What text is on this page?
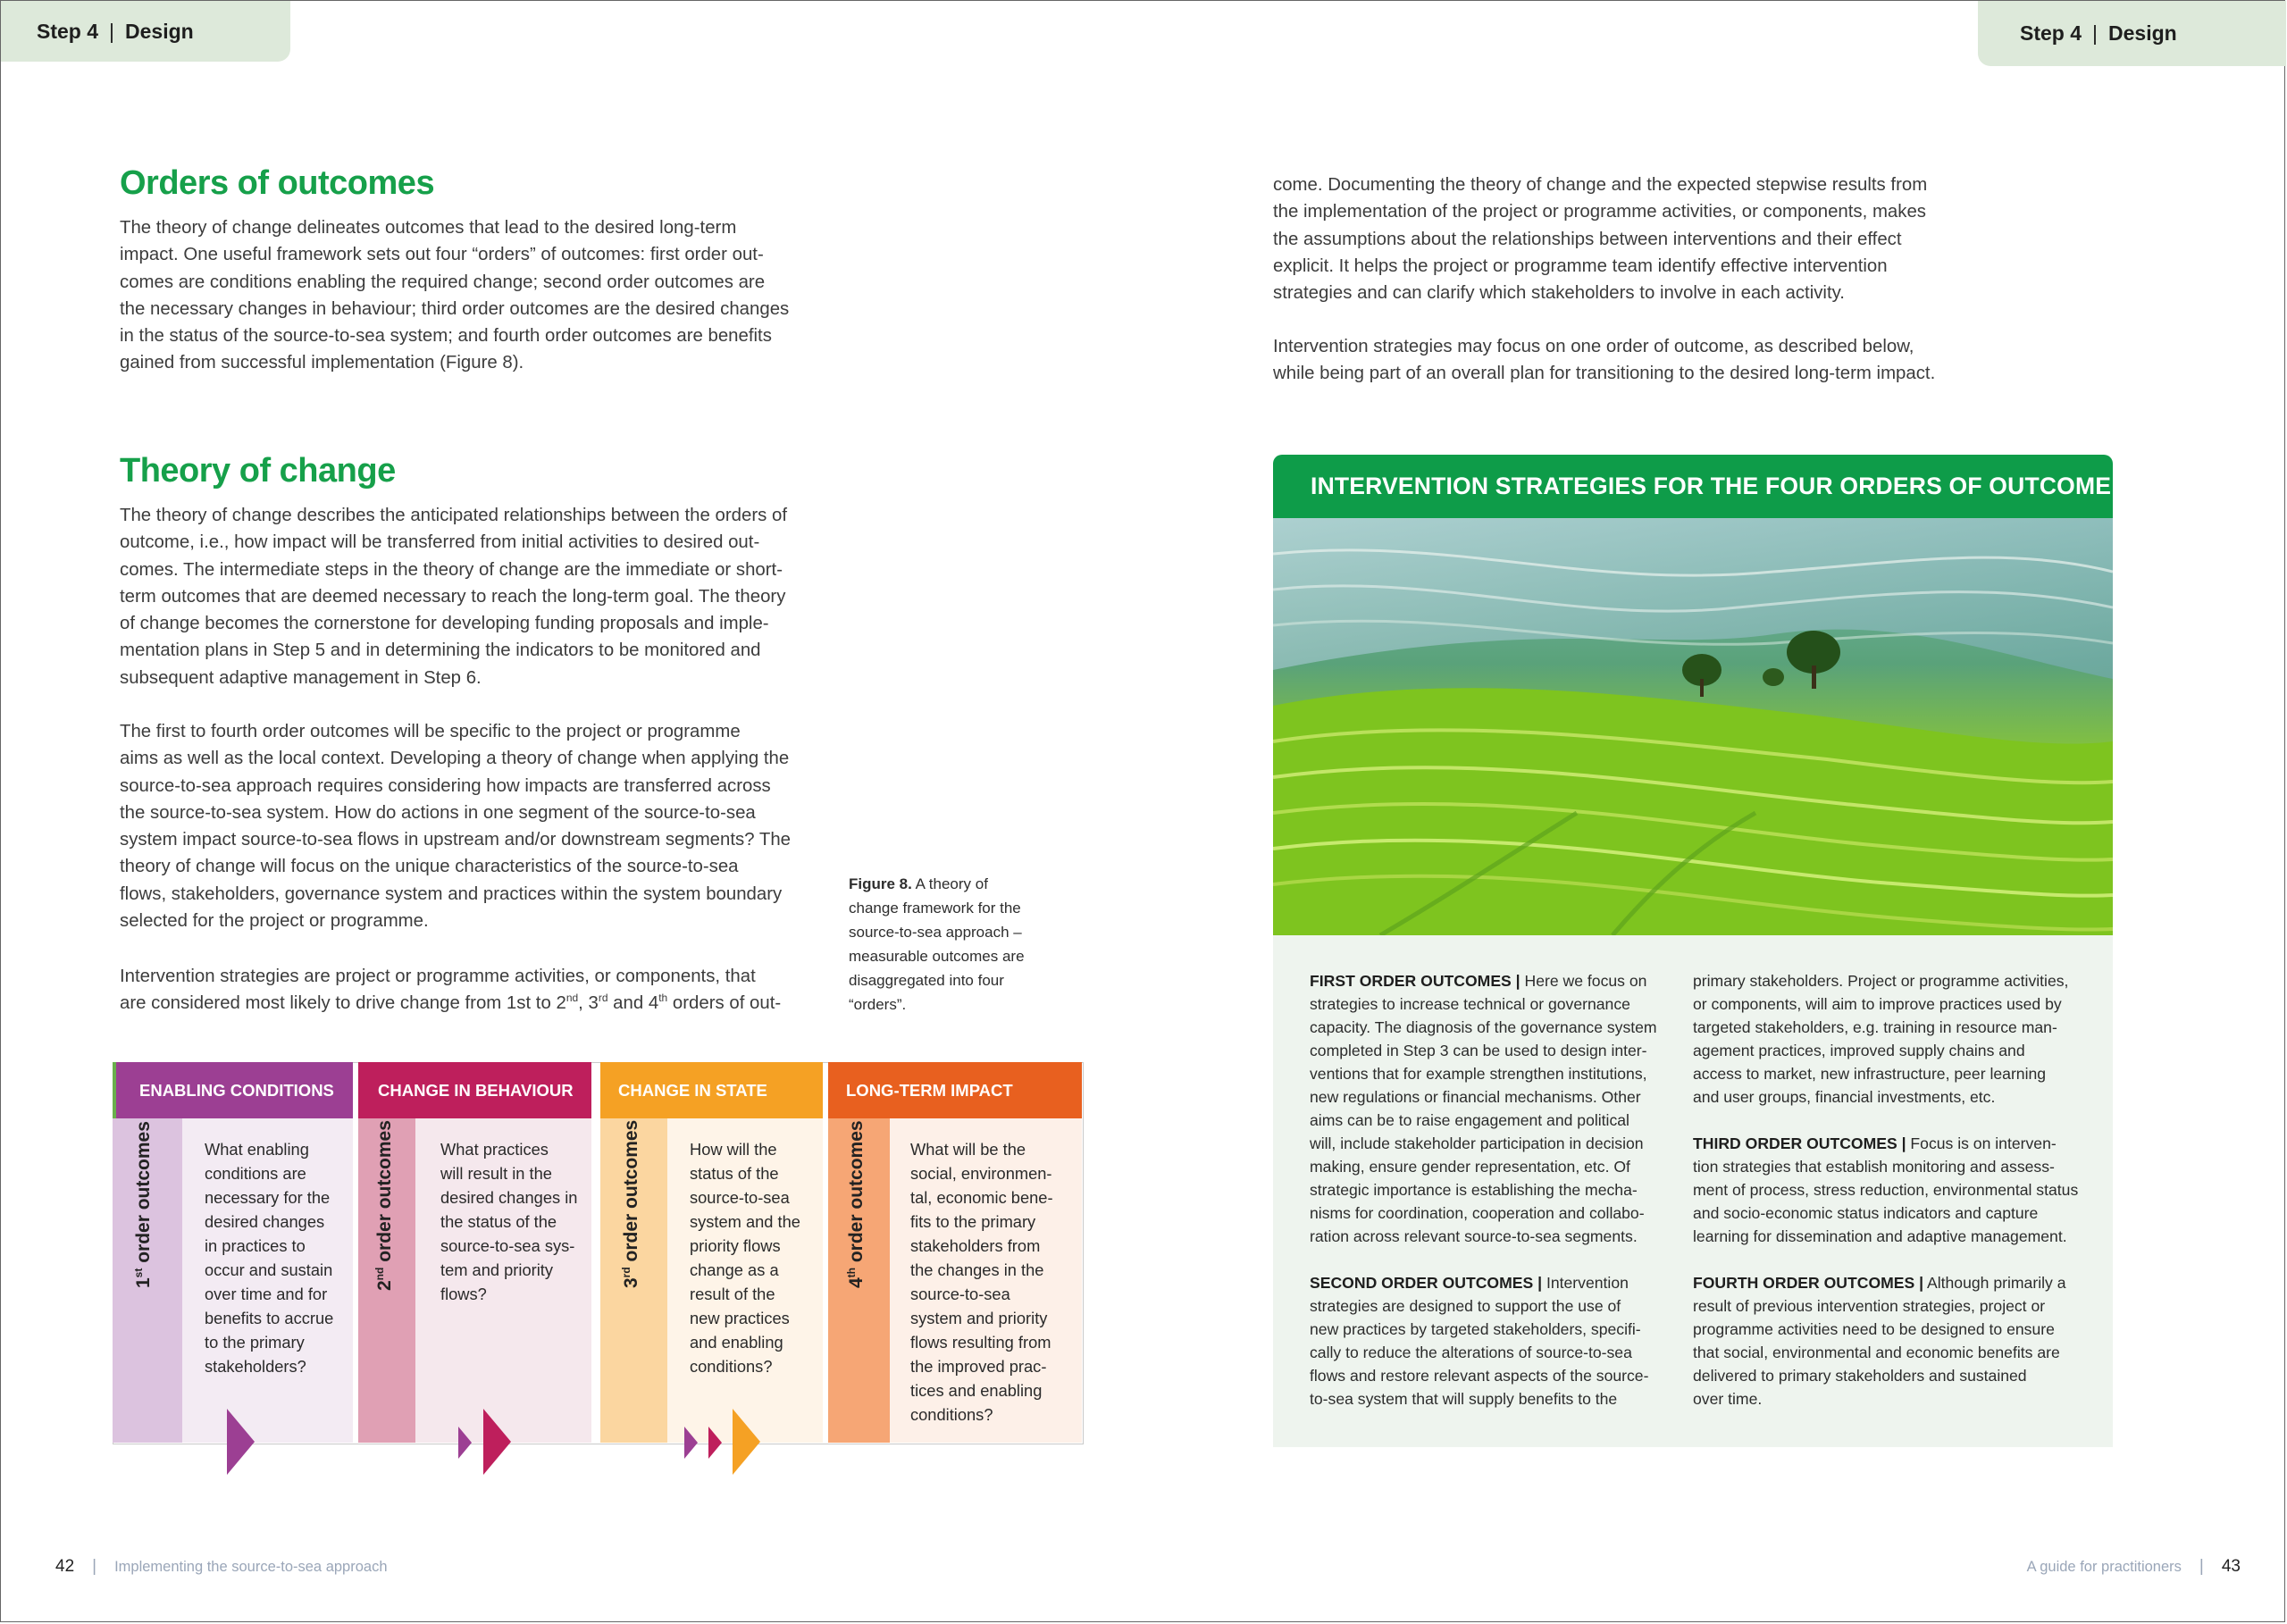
Step 4 | Design	Step 4 | Design
Orders of outcomes
The theory of change delineates outcomes that lead to the desired long-term
impact. One useful framework sets out four “orders” of outcomes: first order out-
comes are conditions enabling the required change; second order outcomes are
the necessary changes in behaviour; third order outcomes are the desired changes
in the status of the source-to-sea system; and fourth order outcomes are benefits
gained from successful implementation (Figure 8).
Theory of change
The theory of change describes the anticipated relationships between the orders of
outcome, i.e., how impact will be transferred from initial activities to desired out-
comes. The intermediate steps in the theory of change are the immediate or short-
term outcomes that are deemed necessary to reach the long-term goal. The theory
of change becomes the cornerstone for developing funding proposals and imple-
mentation plans in Step 5 and in determining the indicators to be monitored and
subsequent adaptive management in Step 6.
The first to fourth order outcomes will be specific to the project or programme
aims as well as the local context. Developing a theory of change when applying the
source-to-sea approach requires considering how impacts are transferred across
the source-to-sea system. How do actions in one segment of the source-to-sea
system impact source-to-sea flows in upstream and/or downstream segments? The
theory of change will focus on the unique characteristics of the source-to-sea
flows, stakeholders, governance system and practices within the system boundary
selected for the project or programme.
Intervention strategies are project or programme activities, or components, that
are considered most likely to drive change from 1st to 2nd, 3rd and 4th orders of out-
Figure 8. A theory of
change framework for the
source-to-sea approach –
measurable outcomes are
disaggregated into four
“orders”.
ENABLING CONDITIONS
1st order outcomes	What enabling
conditions are
necessary for the
desired changes
in practices to
occur and sustain
over time and for
benefits to accrue
to the primary
stakeholders?
CHANGE IN BEHAVIOUR
2nd order outcomes	What practices
will result in the
desired changes in
the status of the
source-to-sea sys-
tem and priority
flows?
CHANGE IN STATE
3rd order outcomes	How will the
status of the
source-to-sea
system and the
priority flows
change as a
result of the
new practices
and enabling
conditions?
LONG-TERM IMPACT
4th order outcomes	What will be the
social, environmen-
tal, economic bene-
fits to the primary
stakeholders from
the changes in the
source-to-sea
system and priority
flows resulting from
the improved prac-
tices and enabling
conditions?
come. Documenting the theory of change and the expected stepwise results from
the implementation of the project or programme activities, or components, makes
the assumptions about the relationships between interventions and their effect
explicit. It helps the project or programme team identify effective intervention
strategies and can clarify which stakeholders to involve in each activity.
Intervention strategies may focus on one order of outcome, as described below,
while being part of an overall plan for transitioning to the desired long-term impact.
INTERVENTION STRATEGIES FOR THE FOUR ORDERS OF OUTCOME

FIRST ORDER OUTCOMES | Here we focus on
strategies to increase technical or governance
capacity. The diagnosis of the governance system
completed in Step 3 can be used to design inter-
ventions that for example strengthen institutions,
new regulations or financial mechanisms. Other
aims can be to raise engagement and political
will, include stakeholder participation in decision
making, ensure gender representation, etc. Of
strategic importance is establishing the mecha-
nisms for coordination, cooperation and collabo-
ration across relevant source-to-sea segments.

SECOND ORDER OUTCOMES | Intervention
strategies are designed to support the use of
new practices by targeted stakeholders, specifi-
cally to reduce the alterations of source-to-sea
flows and restore relevant aspects of the source-
to-sea system that will supply benefits to the

primary stakeholders. Project or programme activities,
or components, will aim to improve practices used by
targeted stakeholders, e.g. training in resource man-
agement practices, improved supply chains and
access to market, new infrastructure, peer learning
and user groups, financial investments, etc.

THIRD ORDER OUTCOMES | Focus is on interven-
tion strategies that establish monitoring and assess-
ment of process, stress reduction, environmental status
and socio-economic status indicators and capture
learning for dissemination and adaptive management.

FOURTH ORDER OUTCOMES | Although primarily a
result of previous intervention strategies, project or
programme activities need to be designed to ensure
that social, environmental and economic benefits are
delivered to primary stakeholders and sustained
over time.

42 | Implementing the source-to-sea approach	A guide for practitioners | 43
